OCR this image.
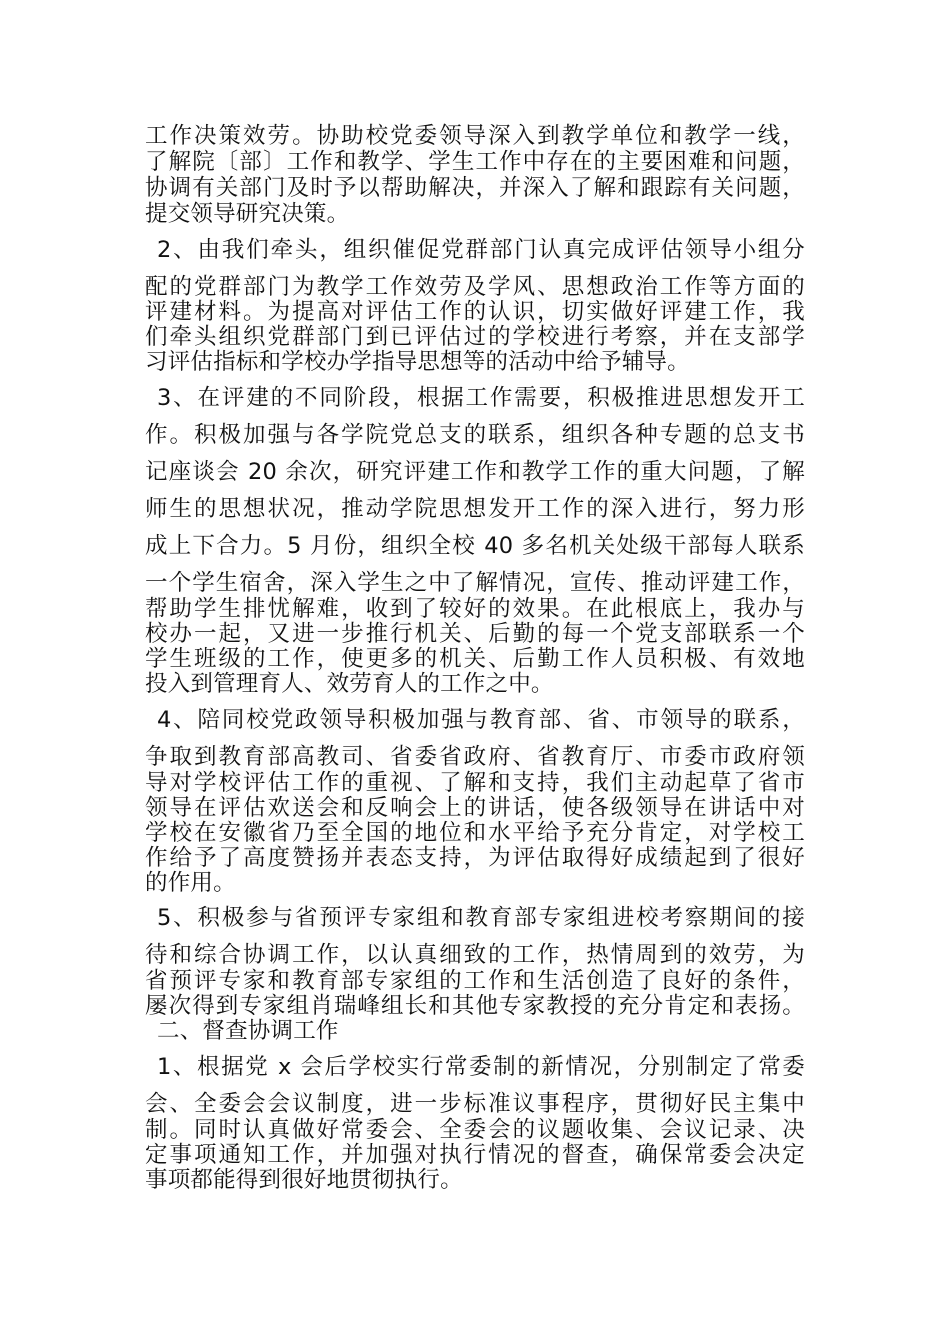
工作决策效劳。协助校党委领导深入到教学单位和教学一线，
了解院〔部〕工作和教学、学生工作中存在的主要困难和问题，
协调有关部门及时予以帮助解决，并深入了解和跟踪有关问题，
提交领导研究决策。
2、由我们牵头，组织催促党群部门认真完成评估领导小组分
配的党群部门为教学工作效劳及学风、思想政治工作等方面的
评建材料。为提高对评估工作的认识，切实做好评建工作，我
们牵头组织党群部门到已评估过的学校进行考察，并在支部学
习评估指标和学校办学指导思想等的活动中给予辅导。
3、在评建的不同阶段，根据工作需要，积极推进思想发开工
作。积极加强与各学院党总支的联系，组织各种专题的总支书
记座谈会 20 余次，研究评建工作和教学工作的重大问题，了解
师生的思想状况，推动学院思想发开工作的深入进行，努力形
成上下合力。5 月份，组织全校 40 多名机关处级干部每人联系
一个学生宿舍，深入学生之中了解情况，宣传、推动评建工作，
帮助学生排忧解难，收到了较好的效果。在此根底上，我办与
校办一起，又进一步推行机关、后勤的每一个党支部联系一个
学生班级的工作，使更多的机关、后勤工作人员积极、有效地
投入到管理育人、效劳育人的工作之中。
4、陪同校党政领导积极加强与教育部、省、市领导的联系，
争取到教育部高教司、省委省政府、省教育厅、市委市政府领
导对学校评估工作的重视、了解和支持，我们主动起草了省市
领导在评估欢送会和反响会上的讲话，使各级领导在讲话中对
学校在安徽省乃至全国的地位和水平给予充分肯定，对学校工
作给予了高度赞扬并表态支持，为评估取得好成绩起到了很好
的作用。
5、积极参与省预评专家组和教育部专家组进校考察期间的接
待和综合协调工作，以认真细致的工作，热情周到的效劳，为
省预评专家和教育部专家组的工作和生活创造了良好的条件，
屡次得到专家组肖瑞峰组长和其他专家教授的充分肯定和表扬。
二、督查协调工作
1、根据党 x 会后学校实行常委制的新情况，分别制定了常委
会、全委会会议制度，进一步标准议事程序，贯彻好民主集中
制。同时认真做好常委会、全委会的议题收集、会议记录、决
定事项通知工作，并加强对执行情况的督查，确保常委会决定
事项都能得到很好地贯彻执行。
